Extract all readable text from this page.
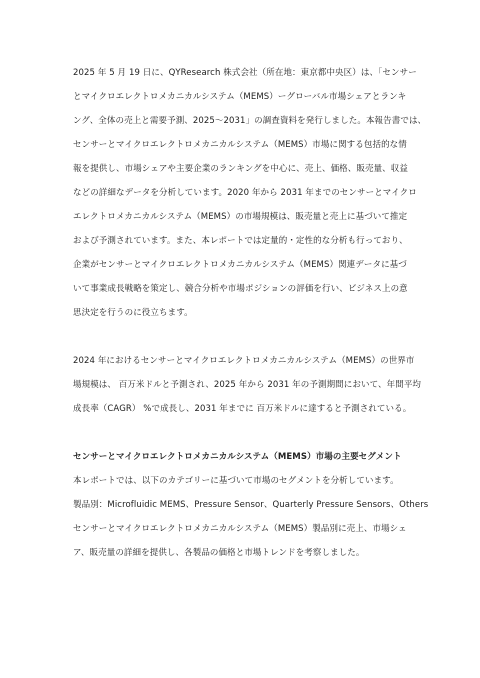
2025 年 5 月 19 日に、QYResearch 株式会社（所在地：東京都中央区）は、「センサー
とマイクロエレクトロメカニカルシステム（MEMS）ーグローバル市場シェアとランキ
ング、全体の売上と需要予測、2025～2031」の調査資料を発行しました。本報告書では、
センサーとマイクロエレクトロメカニカルシステム（MEMS）市場に関する包括的な情
報を提供し、市場シェアや主要企業のランキングを中心に、売上、価格、販売量、収益
などの詳細なデータを分析しています。2020 年から 2031 年までのセンサーとマイクロ
エレクトロメカニカルシステム（MEMS）の市場規模は、販売量と売上に基づいて推定
および予測されています。また、本レポートでは定量的・定性的な分析も行っており、
企業がセンサーとマイクロエレクトロメカニカルシステム（MEMS）関連データに基づ
いて事業成長戦略を策定し、競合分析や市場ポジションの評価を行い、ビジネス上の意
思決定を行うのに役立ちます。
2024 年におけるセンサーとマイクロエレクトロメカニカルシステム（MEMS）の世界市
場規模は、 百万米ドルと予測され、2025 年から 2031 年の予測期間において、年間平均
成長率（CAGR） %で成長し、2031 年までに 百万米ドルに達すると予測されている。
センサーとマイクロエレクトロメカニカルシステム（MEMS）市場の主要セグメント
本レポートでは、以下のカテゴリーに基づいて市場のセグメントを分析しています。
製品別：Microfluidic MEMS、Pressure Sensor、Quarterly Pressure Sensors、Others
センサーとマイクロエレクトロメカニカルシステム（MEMS）製品別に売上、市場シェ
ア、販売量の詳細を提供し、各製品の価格と市場トレンドを考察しました。
